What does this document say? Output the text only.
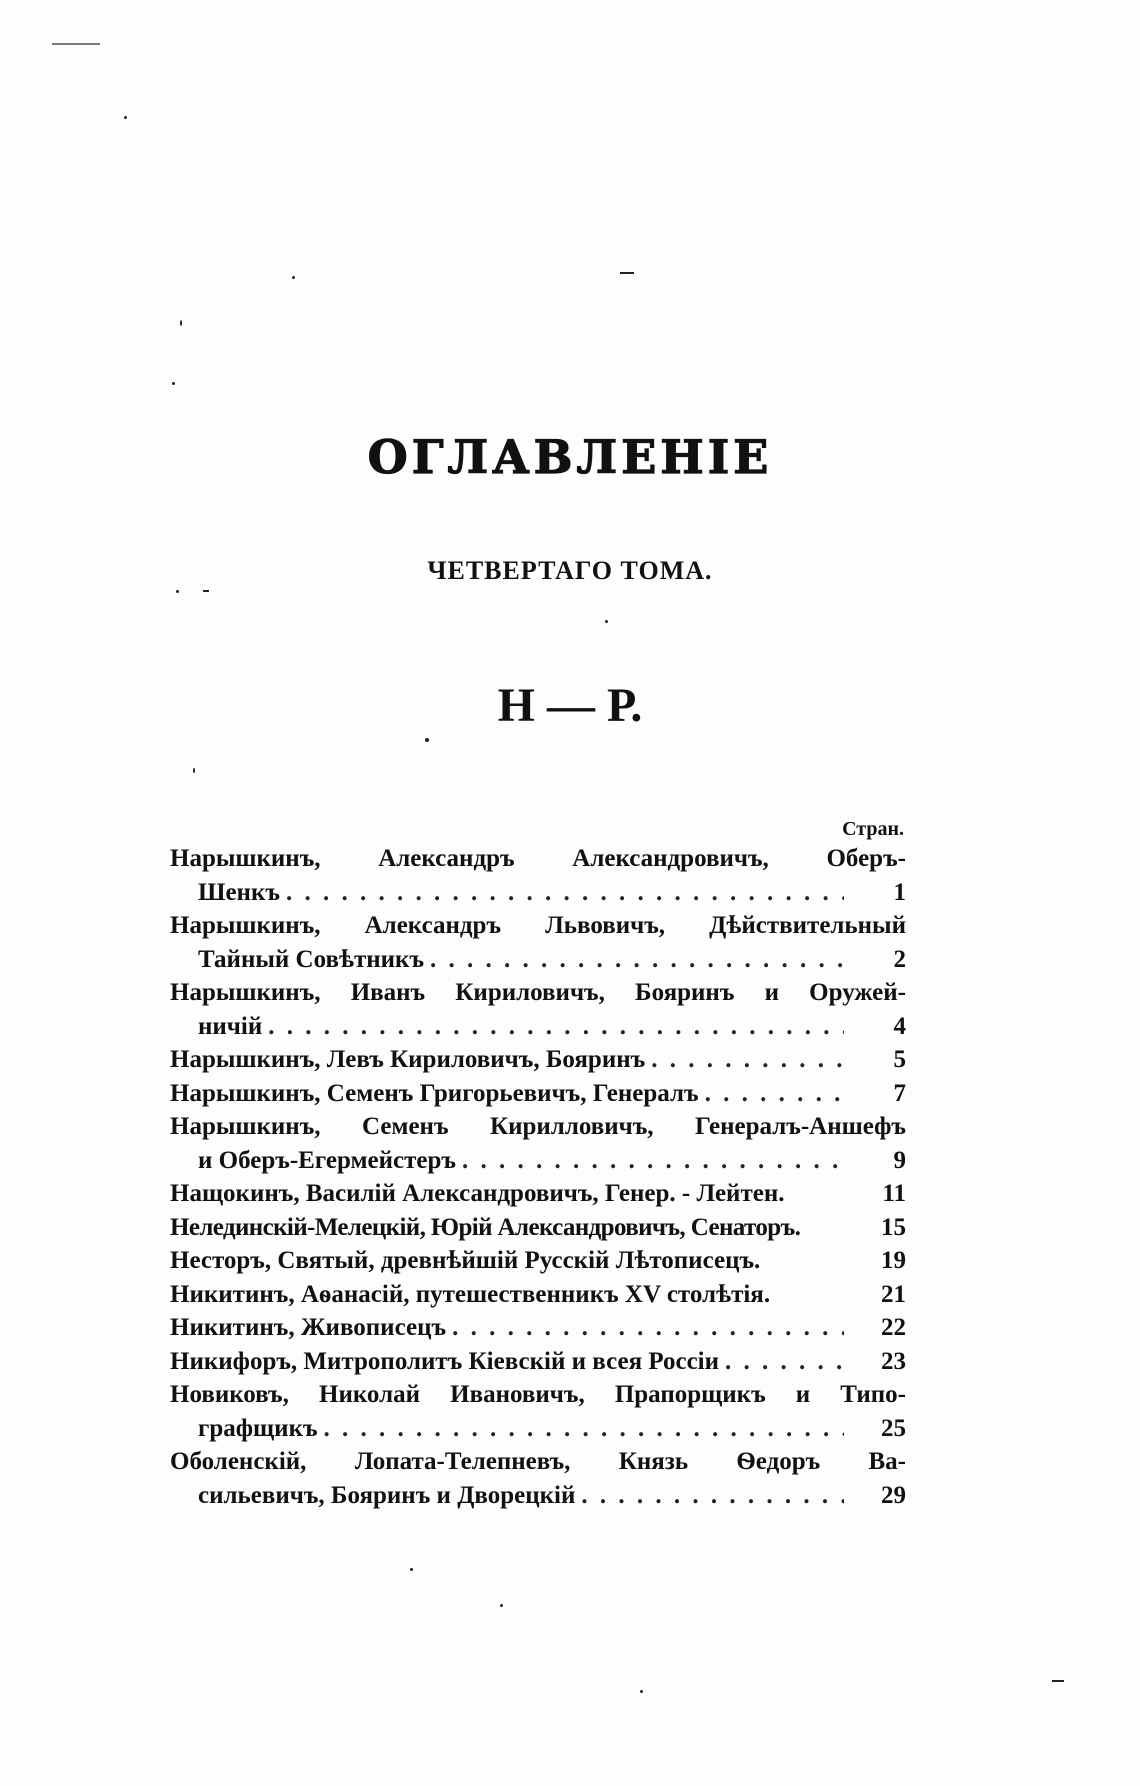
ОГЛАВЛЕНIЕ
ЧЕТВЕРТАГО ТОМА.
Н — Р.
Стран.
Нарышкинъ, Александръ Александровичъ, Оберъ-
Шенкъ . . .	1
Нарышкинъ, Александръ Львовичъ, Дѣйствительный
Тайный Совѣтникъ . . .	2
Нарышкинъ, Иванъ Кириловичъ, Бояринъ и Оружей-
ничiй . . .	4
Нарышкинъ, Левъ Кириловичъ, Бояринъ . . .	5
Нарышкинъ, Семенъ Григорьевичъ, Генералъ . . .	7
Нарышкинъ, Семенъ Кирилловичъ, Генералъ-Аншефъ
и Оберъ-Егермейстеръ . . .	9
Нащокинъ, Василiй Александровичъ, Генер. - Лейтен.	11
Нелединскiй-Мелецкiй, Юрiй Александровичъ, Сенаторъ.	15
Несторъ, Святый, древнѣйшiй Русскiй Лѣтописецъ.	19
Никитинъ, Аѳанасiй, путешественникъ XV столѣтiя.	21
Никитинъ, Живописецъ . . .	22
Никифоръ, Митрополитъ Кiевскiй и всея Россiи . . .	23
Новиковъ, Николай Ивановичъ, Прапорщикъ и Типо-
графщикъ . . .	25
Оболенскiй, Лопата-Телепневъ, Князь Ѳедоръ Ва-
сильевичъ, Бояринъ и Дворецкiй . . .	29
